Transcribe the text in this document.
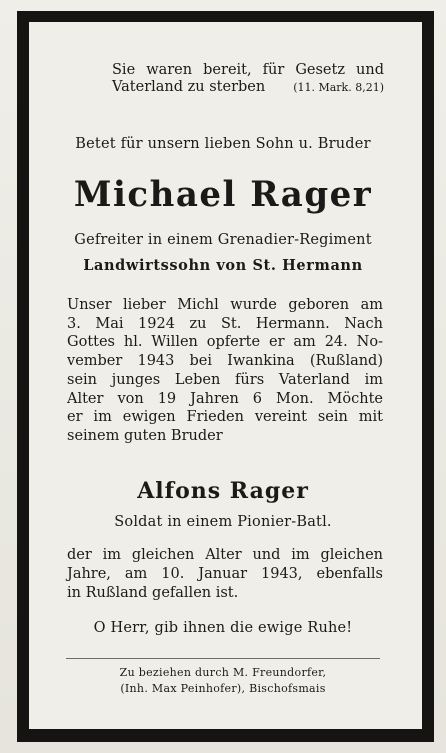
Sie waren bereit, für Gesetz und
Vaterland zu sterben	(11. Mark. 8,21)
Betet für unsern lieben Sohn u. Bruder
Michael Rager
Gefreiter in einem Grenadier-Regiment
Landwirtssohn von St. Hermann
Unser lieber Michl wurde geboren am
3. Mai 1924 zu St. Hermann. Nach
Gottes hl. Willen opferte er am 24. No-
vember 1943 bei Iwankina (Rußland)
sein junges Leben fürs Vaterland im
Alter von 19 Jahren 6 Mon. Möchte
er im ewigen Frieden vereint sein mit
seinem guten Bruder
Alfons Rager
Soldat in einem Pionier-Batl.
der im gleichen Alter und im gleichen
Jahre, am 10. Januar 1943, ebenfalls
in Rußland gefallen ist.
O Herr, gib ihnen die ewige Ruhe!
Zu beziehen durch M. Freundorfer,
(Inh. Max Peinhofer), Bischofsmais
